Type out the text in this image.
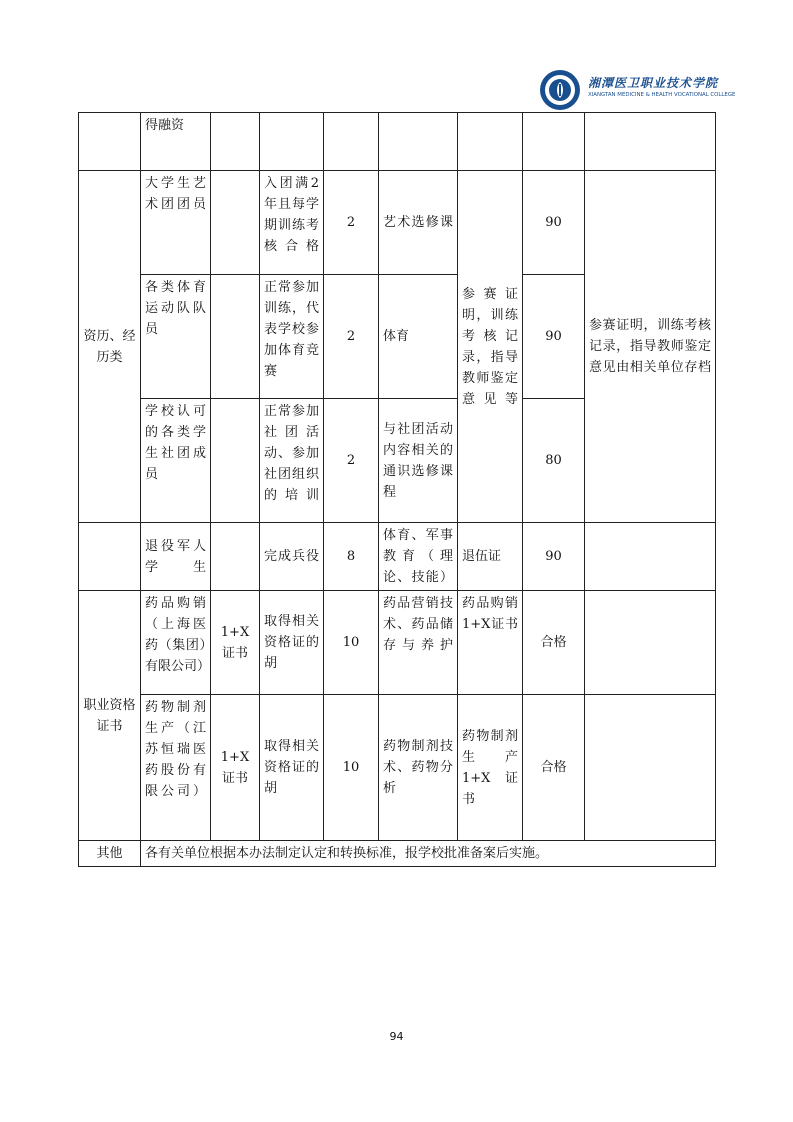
湘潭医卫职业技术学院
XIANGTAN MEDICINE & HEALTH VOCATIONAL COLLEGE
	得融资							
资历、经历类	大学生艺术团团员		入团满2年且每学期训练考核合格	2	艺术选修课	参赛证明，训练考核记录，指导教师鉴定意见等	90	参赛证明，训练考核记录，指导教师鉴定意见由相关单位存档
	各类体育运动队队员		正常参加训练，代表学校参加体育竞赛	2	体育		90	
	学校认可的各类学生社团成员		正常参加社团活动、参加社团组织的培训	2	与社团活动内容相关的通识选修课程		80	
	退役军人学生		完成兵役	8	体育、军事教育（理论、技能）	退伍证	90	
职业资格证书	药品购销（上海医药（集团）有限公司）	1+X证书	取得相关资格证的胡	10	药品营销技术、药品储存与养护	药品购销 1+X证书	合格	
	药物制剂生产（江苏恒瑞医药股份有限公司）	1+X证书	取得相关资格证的胡	10	药物制剂技术、药物分析	药物制剂生产 1+X 证书	合格	
其他	各有关单位根据本办法制定认定和转换标准，报学校批准备案后实施。							
94
